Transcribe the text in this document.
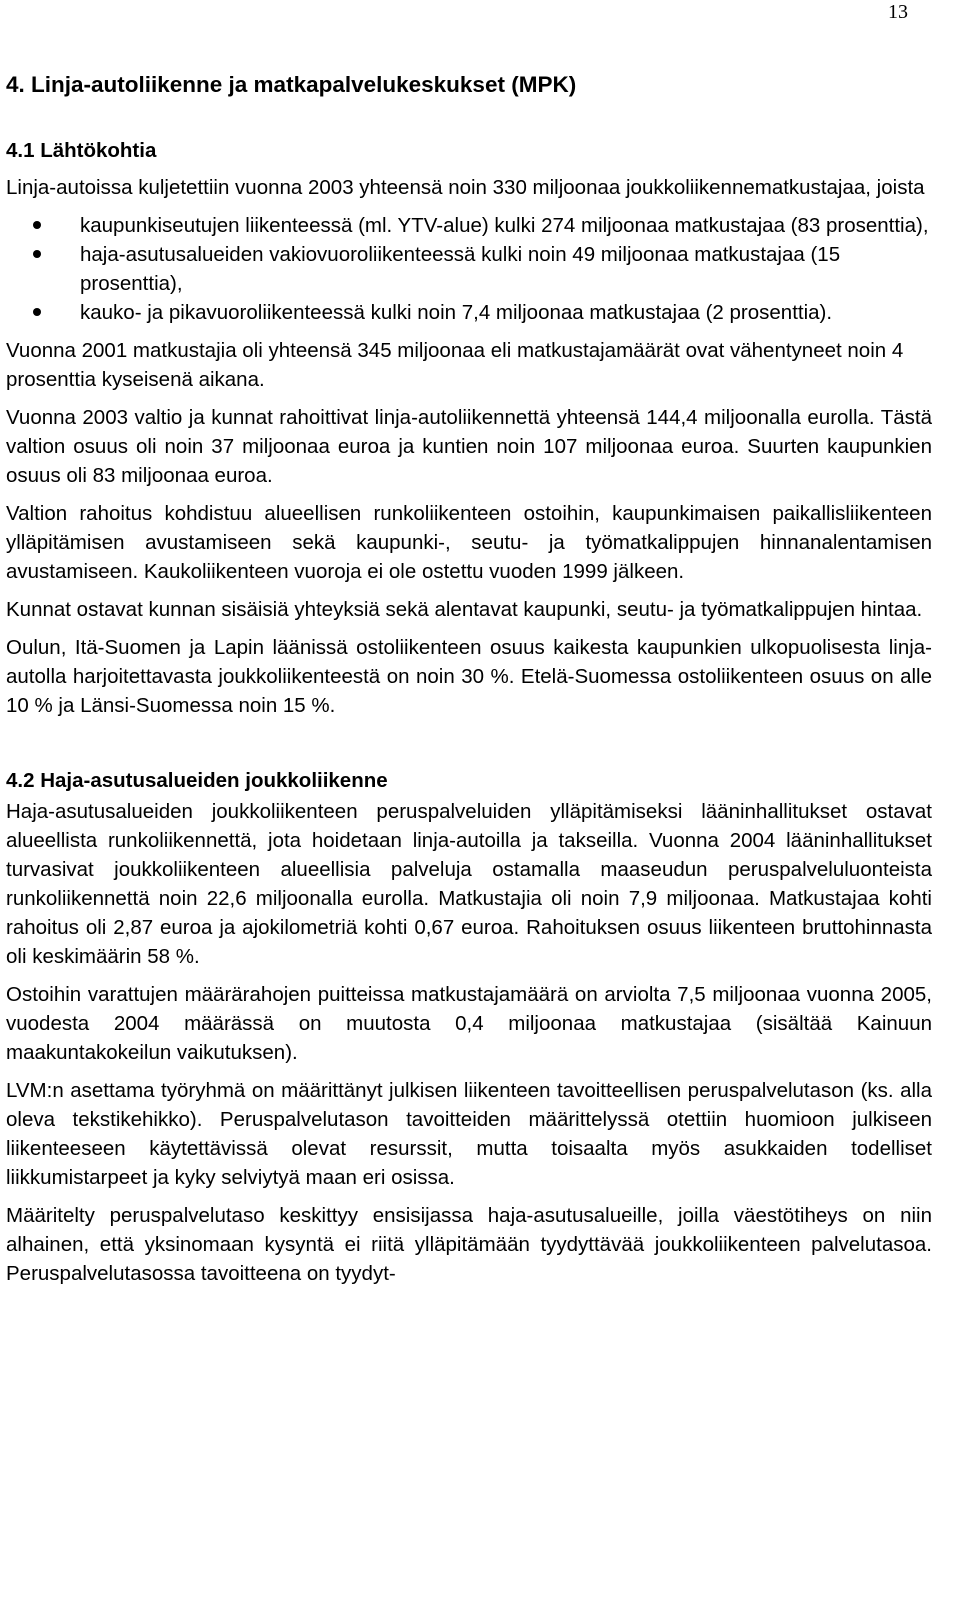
13
4. Linja-autoliikenne ja matkapalvelukeskukset (MPK)
4.1 Lähtökohtia

Linja-autoissa kuljetettiin vuonna 2003 yhteensä noin 330 miljoonaa joukkoliikennematkustajaa, joista

kaupunkiseutujen liikenteessä (ml. YTV-alue) kulki 274 miljoonaa matkustajaa (83 prosenttia),
haja-asutusalueiden vakiovuoroliikenteessä kulki noin 49 miljoonaa matkustajaa (15 prosenttia),
kauko- ja pikavuoroliikenteessä kulki noin 7,4 miljoonaa matkustajaa (2 prosenttia).

Vuonna 2001 matkustajia oli yhteensä 345 miljoonaa eli matkustajamäärät ovat vähentyneet noin 4 prosenttia kyseisenä aikana.

Vuonna 2003 valtio ja kunnat rahoittivat linja-autoliikennettä yhteensä 144,4 miljoonalla eurolla. Tästä valtion osuus oli noin 37 miljoonaa euroa ja kuntien noin 107 miljoonaa euroa. Suurten kaupunkien osuus oli 83 miljoonaa euroa.

Valtion rahoitus kohdistuu alueellisen runkoliikenteen ostoihin, kaupunkimaisen paikallisliikenteen ylläpitämisen avustamiseen sekä kaupunki-, seutu- ja työmatkalippujen hinnanalentamisen avustamiseen. Kaukoliikenteen vuoroja ei ole ostettu vuoden 1999 jälkeen.

Kunnat ostavat kunnan sisäisiä yhteyksiä sekä alentavat kaupunki, seutu- ja työmatkalippujen hintaa.

Oulun, Itä-Suomen ja Lapin läänissä ostoliikenteen osuus kaikesta kaupunkien ulkopuolisesta linja-autolla harjoitettavasta joukkoliikenteestä on noin 30 %. Etelä-Suomessa ostoliikenteen osuus on alle 10 % ja Länsi-Suomessa noin 15 %.

4.2 Haja-asutusalueiden joukkoliikenne

Haja-asutusalueiden joukkoliikenteen peruspalveluiden ylläpitämiseksi lääninhallitukset ostavat alueellista runkoliikennettä, jota hoidetaan linja-autoilla ja takseilla. Vuonna 2004 lääninhallitukset turvasivat joukkoliikenteen alueellisia palveluja ostamalla maaseudun peruspalveluluonteista runkoliikennettä noin 22,6 miljoonalla eurolla. Matkustajia oli noin 7,9 miljoonaa. Matkustajaa kohti rahoitus oli 2,87 euroa ja ajokilometriä kohti 0,67 euroa. Rahoituksen osuus liikenteen bruttohinnasta oli keskimäärin 58 %.

Ostoihin varattujen määrärahojen puitteissa matkustajamäärä on arviolta 7,5 miljoonaa vuonna 2005, vuodesta 2004 määrässä on muutosta 0,4 miljoonaa matkustajaa (sisältää Kainuun maakuntakokeilun vaikutuksen).

LVM:n asettama työryhmä on määrittänyt julkisen liikenteen tavoitteellisen peruspalvelutason (ks. alla oleva tekstikehikko). Peruspalvelutason tavoitteiden määrittelyssä otettiin huomioon julkiseen liikenteeseen käytettävissä olevat resurssit, mutta toisaalta myös asukkaiden todelliset liikkumistarpeet ja kyky selviytyä maan eri osissa.

Määritelty peruspalvelutaso keskittyy ensisijassa haja-asutusalueille, joilla väestötiheys on niin alhainen, että yksinomaan kysyntä ei riitä ylläpitämään tyydyttävää joukkoliikenteen palvelutasoa. Peruspalvelutasossa tavoitteena on tyydyt-
